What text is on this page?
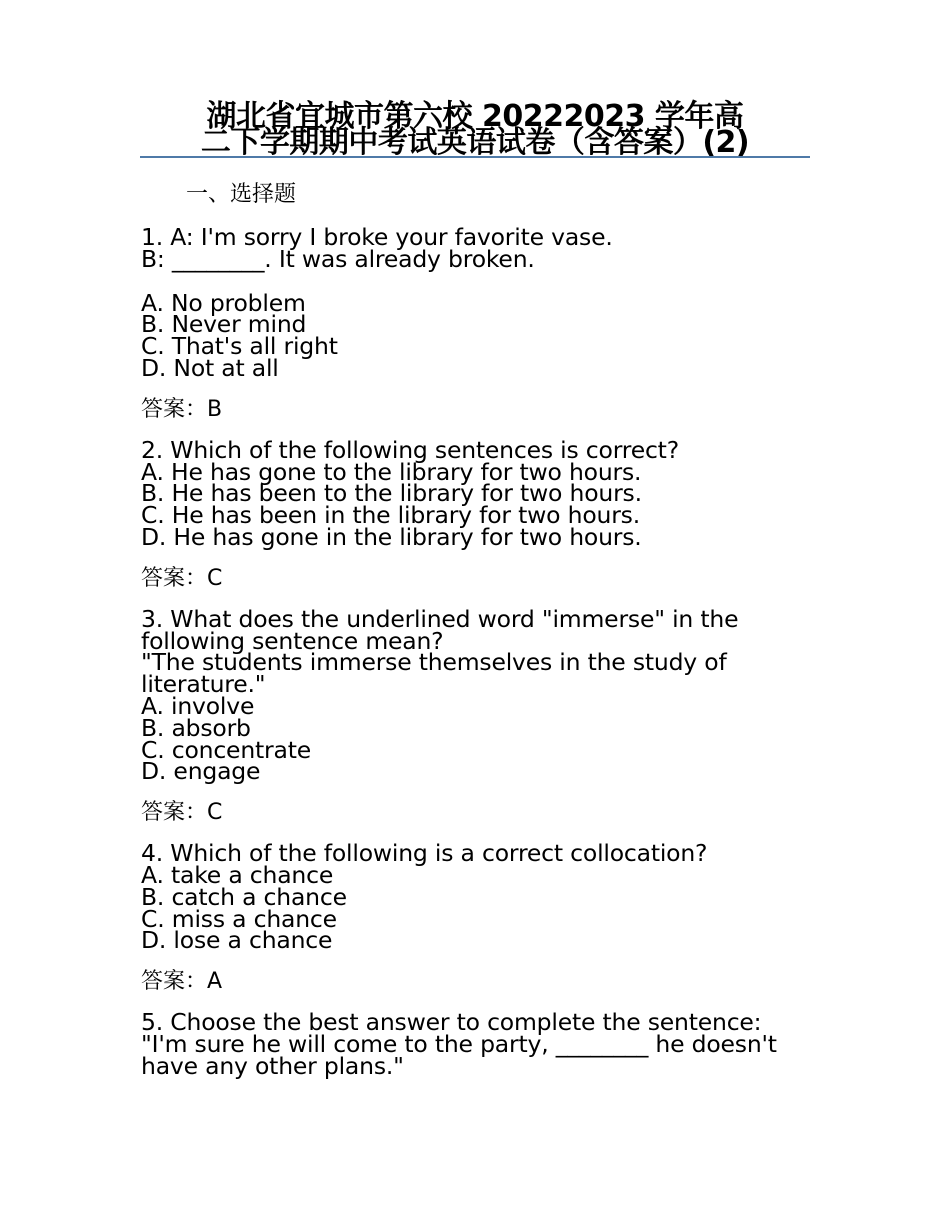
湖北省宜城市第六校 20222023 学年高
二下学期期中考试英语试卷（含答案）(2)
一、选择题
1. A: I'm sorry I broke your favorite vase.
B: ________. It was already broken.
A. No problem
B. Never mind
C. That's all right
D. Not at all
答案：B
2. Which of the following sentences is correct?
A. He has gone to the library for two hours.
B. He has been to the library for two hours.
C. He has been in the library for two hours.
D. He has gone in the library for two hours.
答案：C
3. What does the underlined word "immerse" in the
following sentence mean?
"The students immerse themselves in the study of
literature."
A. involve
B. absorb
C. concentrate
D. engage
答案：C
4. Which of the following is a correct collocation?
A. take a chance
B. catch a chance
C. miss a chance
D. lose a chance
答案：A
5. Choose the best answer to complete the sentence:
"I'm sure he will come to the party, ________ he doesn't
have any other plans."
